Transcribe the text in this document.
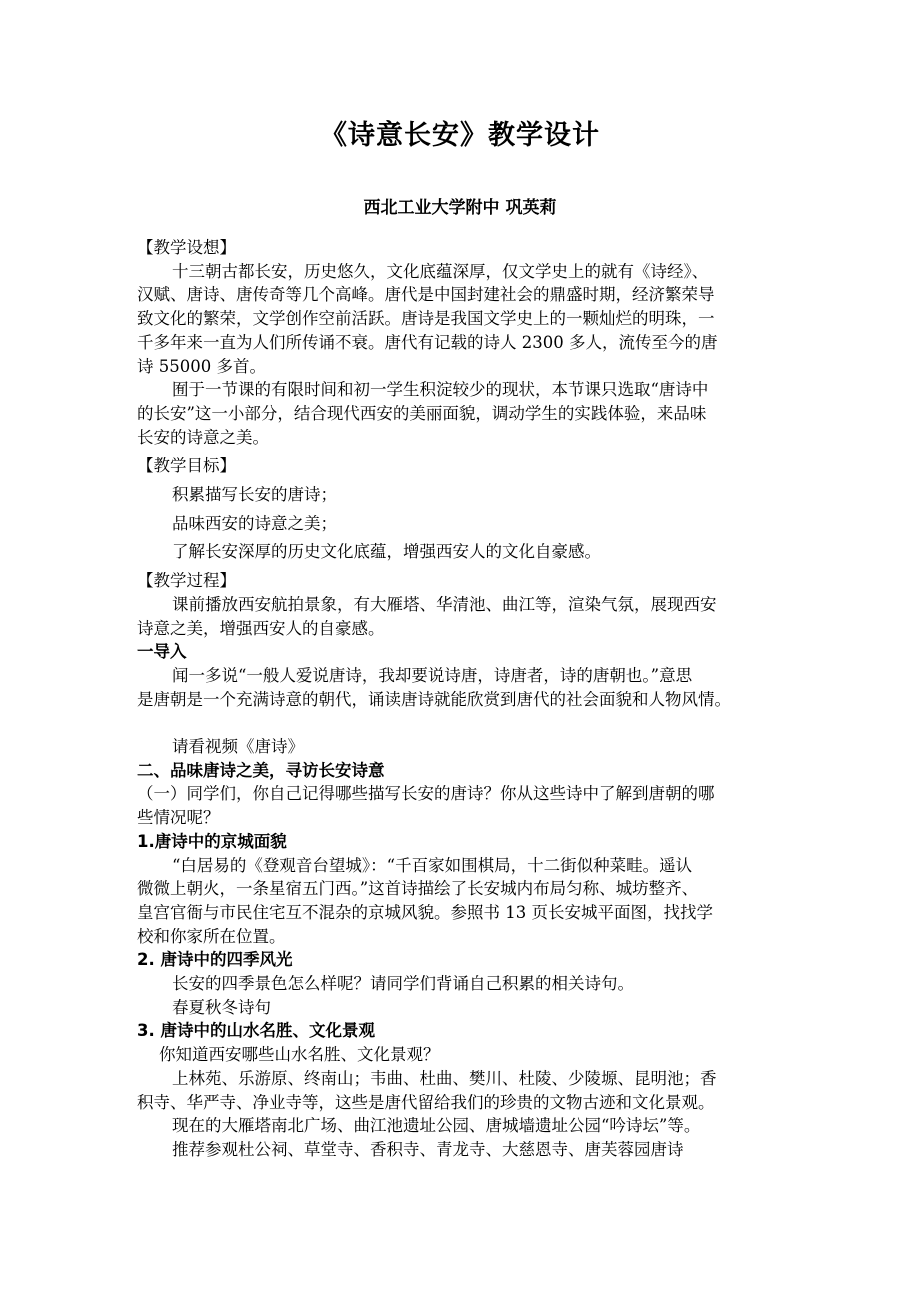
《诗意长安》教学设计
西北工业大学附中 巩英莉
【教学设想】
十三朝古都长安，历史悠久，文化底蕴深厚，仅文学史上的就有《诗经》、
汉赋、唐诗、唐传奇等几个高峰。唐代是中国封建社会的鼎盛时期，经济繁荣导
致文化的繁荣，文学创作空前活跃。唐诗是我国文学史上的一颗灿烂的明珠，一
千多年来一直为人们所传诵不衰。唐代有记载的诗人 2300 多人，流传至今的唐
诗 55000 多首。
囿于一节课的有限时间和初一学生积淀较少的现状，本节课只选取“唐诗中
的长安”这一小部分，结合现代西安的美丽面貌，调动学生的实践体验，来品味
长安的诗意之美。
【教学目标】
积累描写长安的唐诗；
品味西安的诗意之美；
了解长安深厚的历史文化底蕴，增强西安人的文化自豪感。
【教学过程】
课前播放西安航拍景象，有大雁塔、华清池、曲江等，渲染气氛，展现西安
诗意之美，增强西安人的自豪感。
一导入
闻一多说“一般人爱说唐诗，我却要说诗唐，诗唐者，诗的唐朝也。”意思
是唐朝是一个充满诗意的朝代，诵读唐诗就能欣赏到唐代的社会面貌和人物风情。
请看视频《唐诗》
二、品味唐诗之美，寻访长安诗意
（一）同学们，你自己记得哪些描写长安的唐诗？你从这些诗中了解到唐朝的哪
些情况呢？
1.唐诗中的京城面貌
“白居易的《登观音台望城》：“千百家如围棋局，十二街似种菜畦。遥认
微微上朝火，一条星宿五门西。”这首诗描绘了长安城内布局匀称、城坊整齐、
皇宫官衙与市民住宅互不混杂的京城风貌。参照书 13 页长安城平面图，找找学
校和你家所在位置。
2. 唐诗中的四季风光
长安的四季景色怎么样呢？请同学们背诵自己积累的相关诗句。
春夏秋冬诗句
3. 唐诗中的山水名胜、文化景观
你知道西安哪些山水名胜、文化景观？
上林苑、乐游原、终南山；韦曲、杜曲、樊川、杜陵、少陵塬、昆明池；香
积寺、华严寺、净业寺等，这些是唐代留给我们的珍贵的文物古迹和文化景观。
现在的大雁塔南北广场、曲江池遗址公园、唐城墙遗址公园“吟诗坛”等。
推荐参观杜公祠、草堂寺、香积寺、青龙寺、大慈恩寺、唐芙蓉园唐诗
